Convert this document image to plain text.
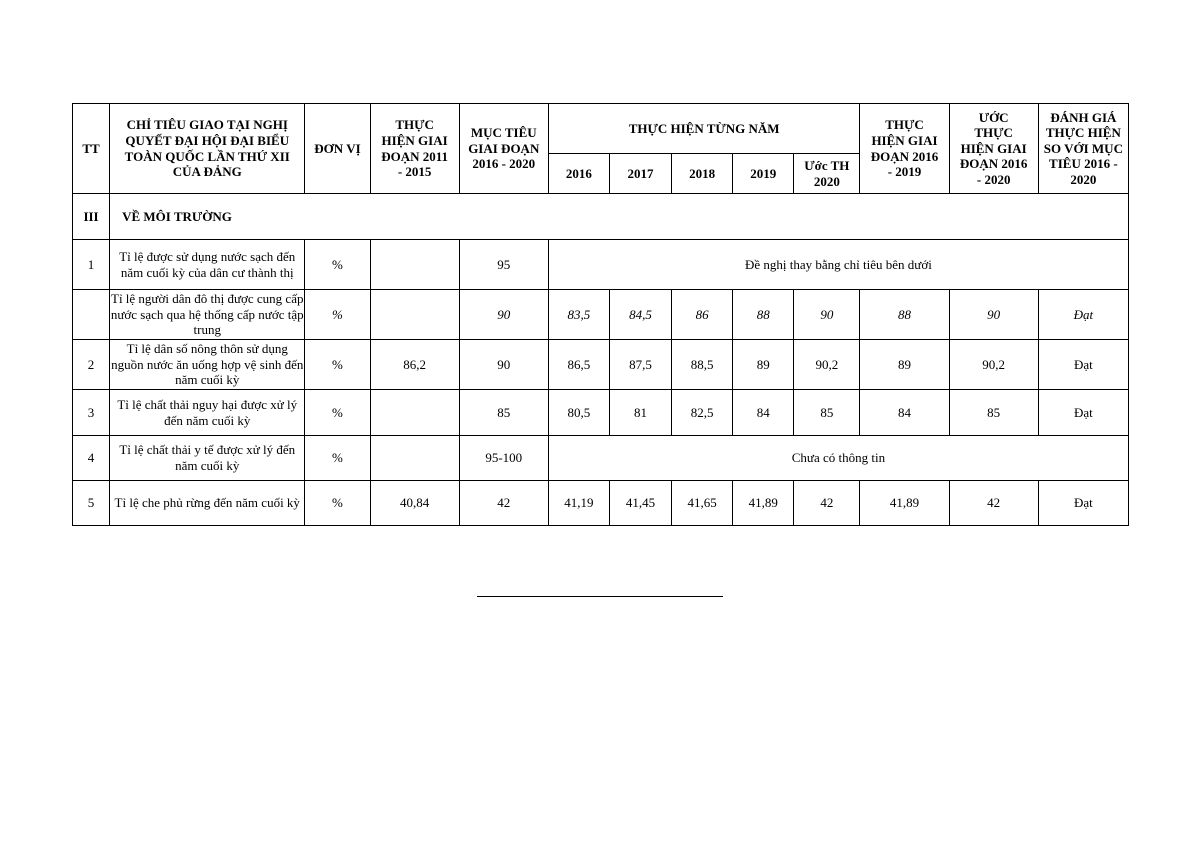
TT	CHỈ TIÊU GIAO TẠI NGHỊ QUYẾT ĐẠI HỘI ĐẠI BIỂU TOÀN QUỐC LẦN THỨ XII CỦA ĐẢNG	ĐƠN VỊ	THỰC HIỆN GIAI ĐOẠN 2011 - 2015	MỤC TIÊU GIAI ĐOẠN 2016 - 2020	THỰC HIỆN TỪNG NĂM					THỰC HIỆN GIAI ĐOẠN 2016 - 2019	ƯỚC THỰC HIỆN GIAI ĐOẠN 2016 - 2020	ĐÁNH GIÁ THỰC HIỆN SO VỚI MỤC TIÊU 2016 - 2020
					2016	2017	2018	2019	Ước TH 2020			
III	VỀ MÔI TRƯỜNG											
1	Tỉ lệ được sử dụng nước sạch đến năm cuối kỳ của dân cư thành thị	%		95	Đề nghị thay bằng chỉ tiêu bên dưới							
	Tỉ lệ người dân đô thị được cung cấp nước sạch qua hệ thống cấp nước tập trung	%		90	83,5	84,5	86	88	90	88	90	Đạt
2	Tỉ lệ dân số nông thôn sử dụng nguồn nước ăn uống hợp vệ sinh đến năm cuối kỳ	%	86,2	90	86,5	87,5	88,5	89	90,2	89	90,2	Đạt
3	Tỉ lệ chất thải nguy hại được xử lý đến năm cuối kỳ	%		85	80,5	81	82,5	84	85	84	85	Đạt
4	Tỉ lệ chất thải y tế được xử lý đến năm cuối kỳ	%		95-100	Chưa có thông tin							
5	Tỉ lệ che phủ rừng đến năm cuối kỳ	%	40,84	42	41,19	41,45	41,65	41,89	42	41,89	42	Đạt
